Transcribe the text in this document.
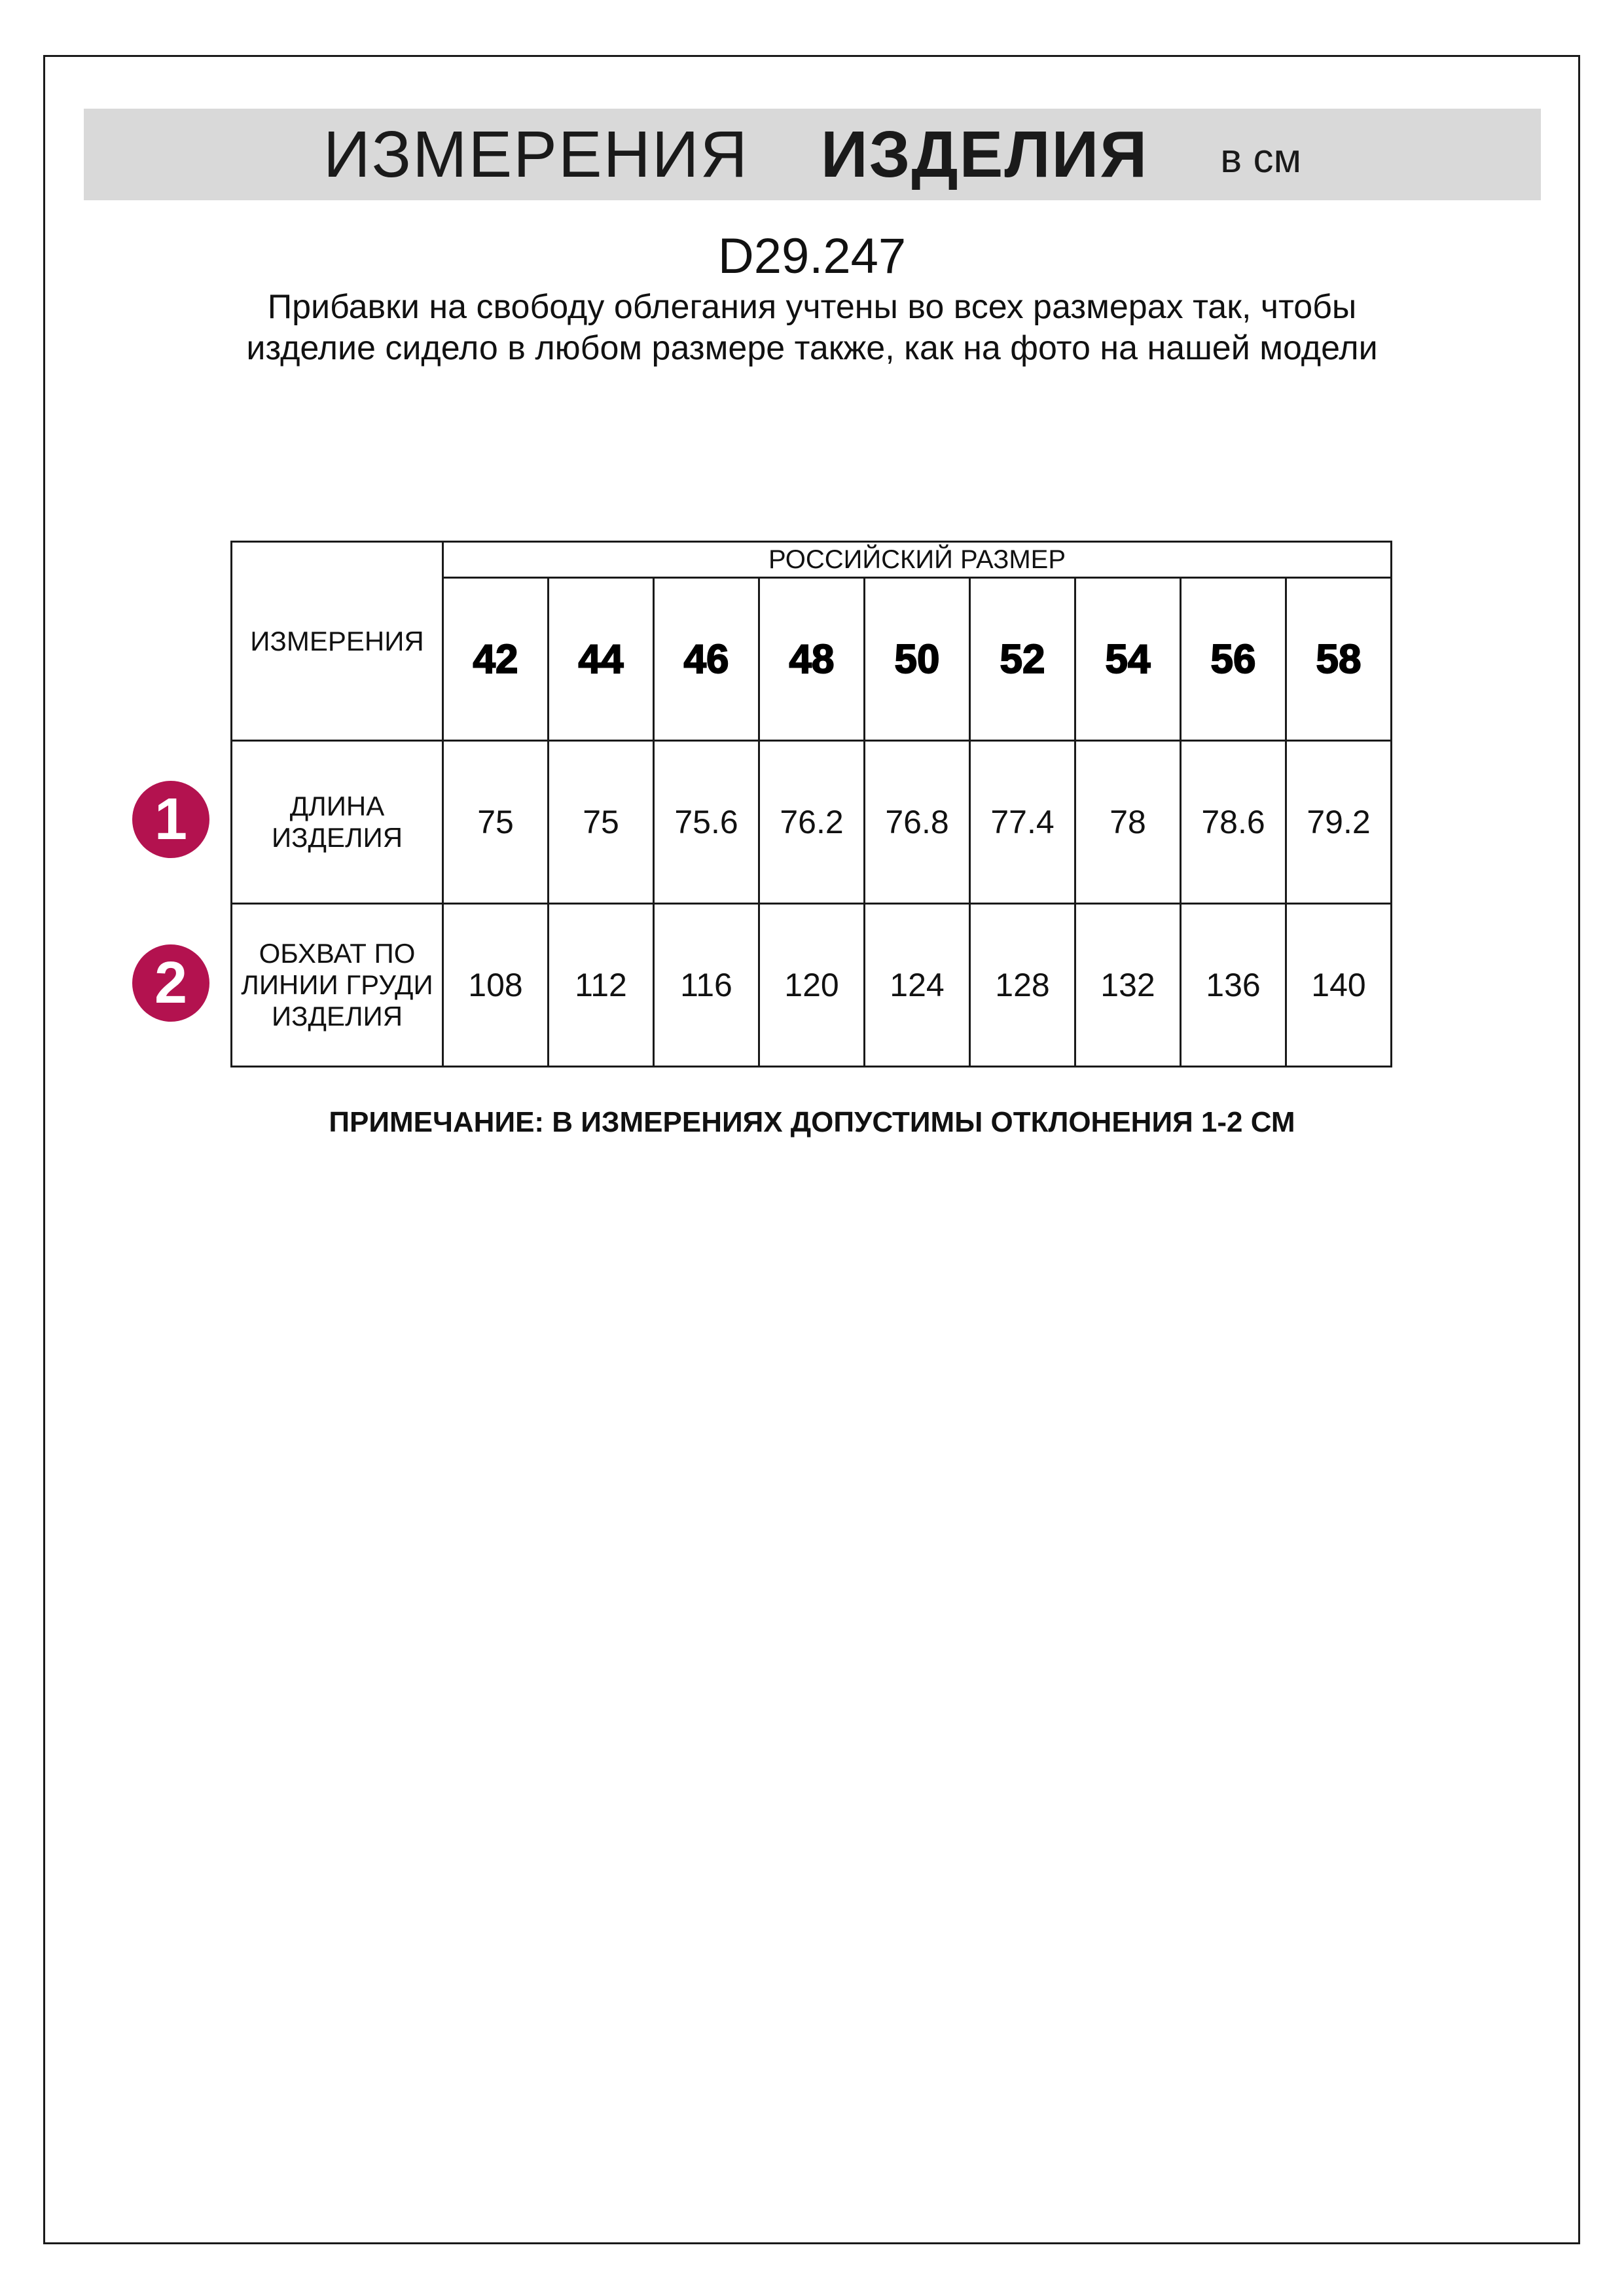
ИЗМЕРЕНИЯ ИЗДЕЛИЯ в см
D29.247
Прибавки на свободу облегания учтены во всех размерах так, чтобы изделие сидело в любом размере также, как на фото на нашей модели
ИЗМЕРЕНИЯ	РОССИЙСКИЙ РАЗМЕР								
	42	44	46	48	50	52	54	56	58
ДЛИНА ИЗДЕЛИЯ	75	75	75.6	76.2	76.8	77.4	78	78.6	79.2
ОБХВАТ ПО ЛИНИИ ГРУДИ ИЗДЕЛИЯ	108	112	116	120	124	128	132	136	140
1
2
ПРИМЕЧАНИЕ: В ИЗМЕРЕНИЯХ ДОПУСТИМЫ ОТКЛОНЕНИЯ 1-2 СМ
